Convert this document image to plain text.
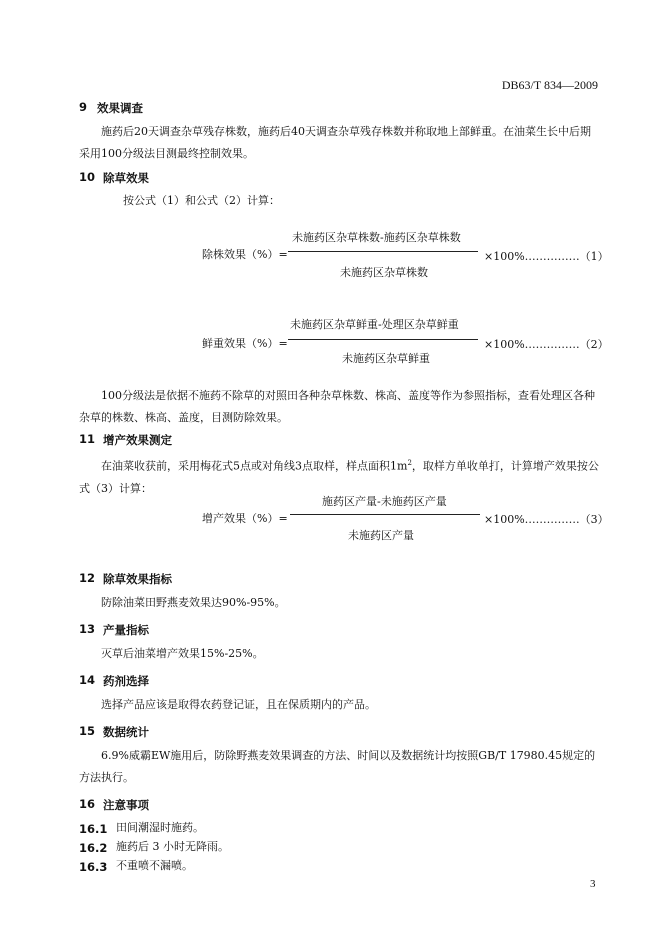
DB63/T 834—2009
9 效果调查
施药后20天调查杂草残存株数，施药后40天调查杂草残存株数并称取地上部鲜重。在油菜生长中后期采用100分级法目测最终控制效果。
10 除草效果
按公式（1）和公式（2）计算：
未施药区杂草株数-施药区杂草株数
除株效果（%）=	×100%……………（1）
未施药区杂草株数
未施药区杂草鲜重-处理区杂草鲜重
鲜重效果（%）=	×100%……………（2）
未施药区杂草鲜重
100分级法是依据不施药不除草的对照田各种杂草株数、株高、盖度等作为参照指标，查看处理区各种杂草的株数、株高、盖度，目测防除效果。
11 增产效果测定
在油菜收获前，采用梅花式5点或对角线3点取样，样点面积$1m^2$，取样方单收单打，计算增产效果按公式（3）计算：
施药区产量-未施药区产量
增产效果（%）=	×100%……………（3）
未施药区产量
12 除草效果指标
防除油菜田野燕麦效果达90%-95%。
13 产量指标
灭草后油菜增产效果15%-25%。
14 药剂选择
选择产品应该是取得农药登记证，且在保质期内的产品。
15 数据统计
6.9%威霸EW施用后，防除野燕麦效果调查的方法、时间以及数据统计均按照GB/T 17980.45规定的方法执行。
16 注意事项
16.1 田间潮湿时施药。
16.2 施药后 3 小时无降雨。
16.3 不重喷不漏喷。
3
